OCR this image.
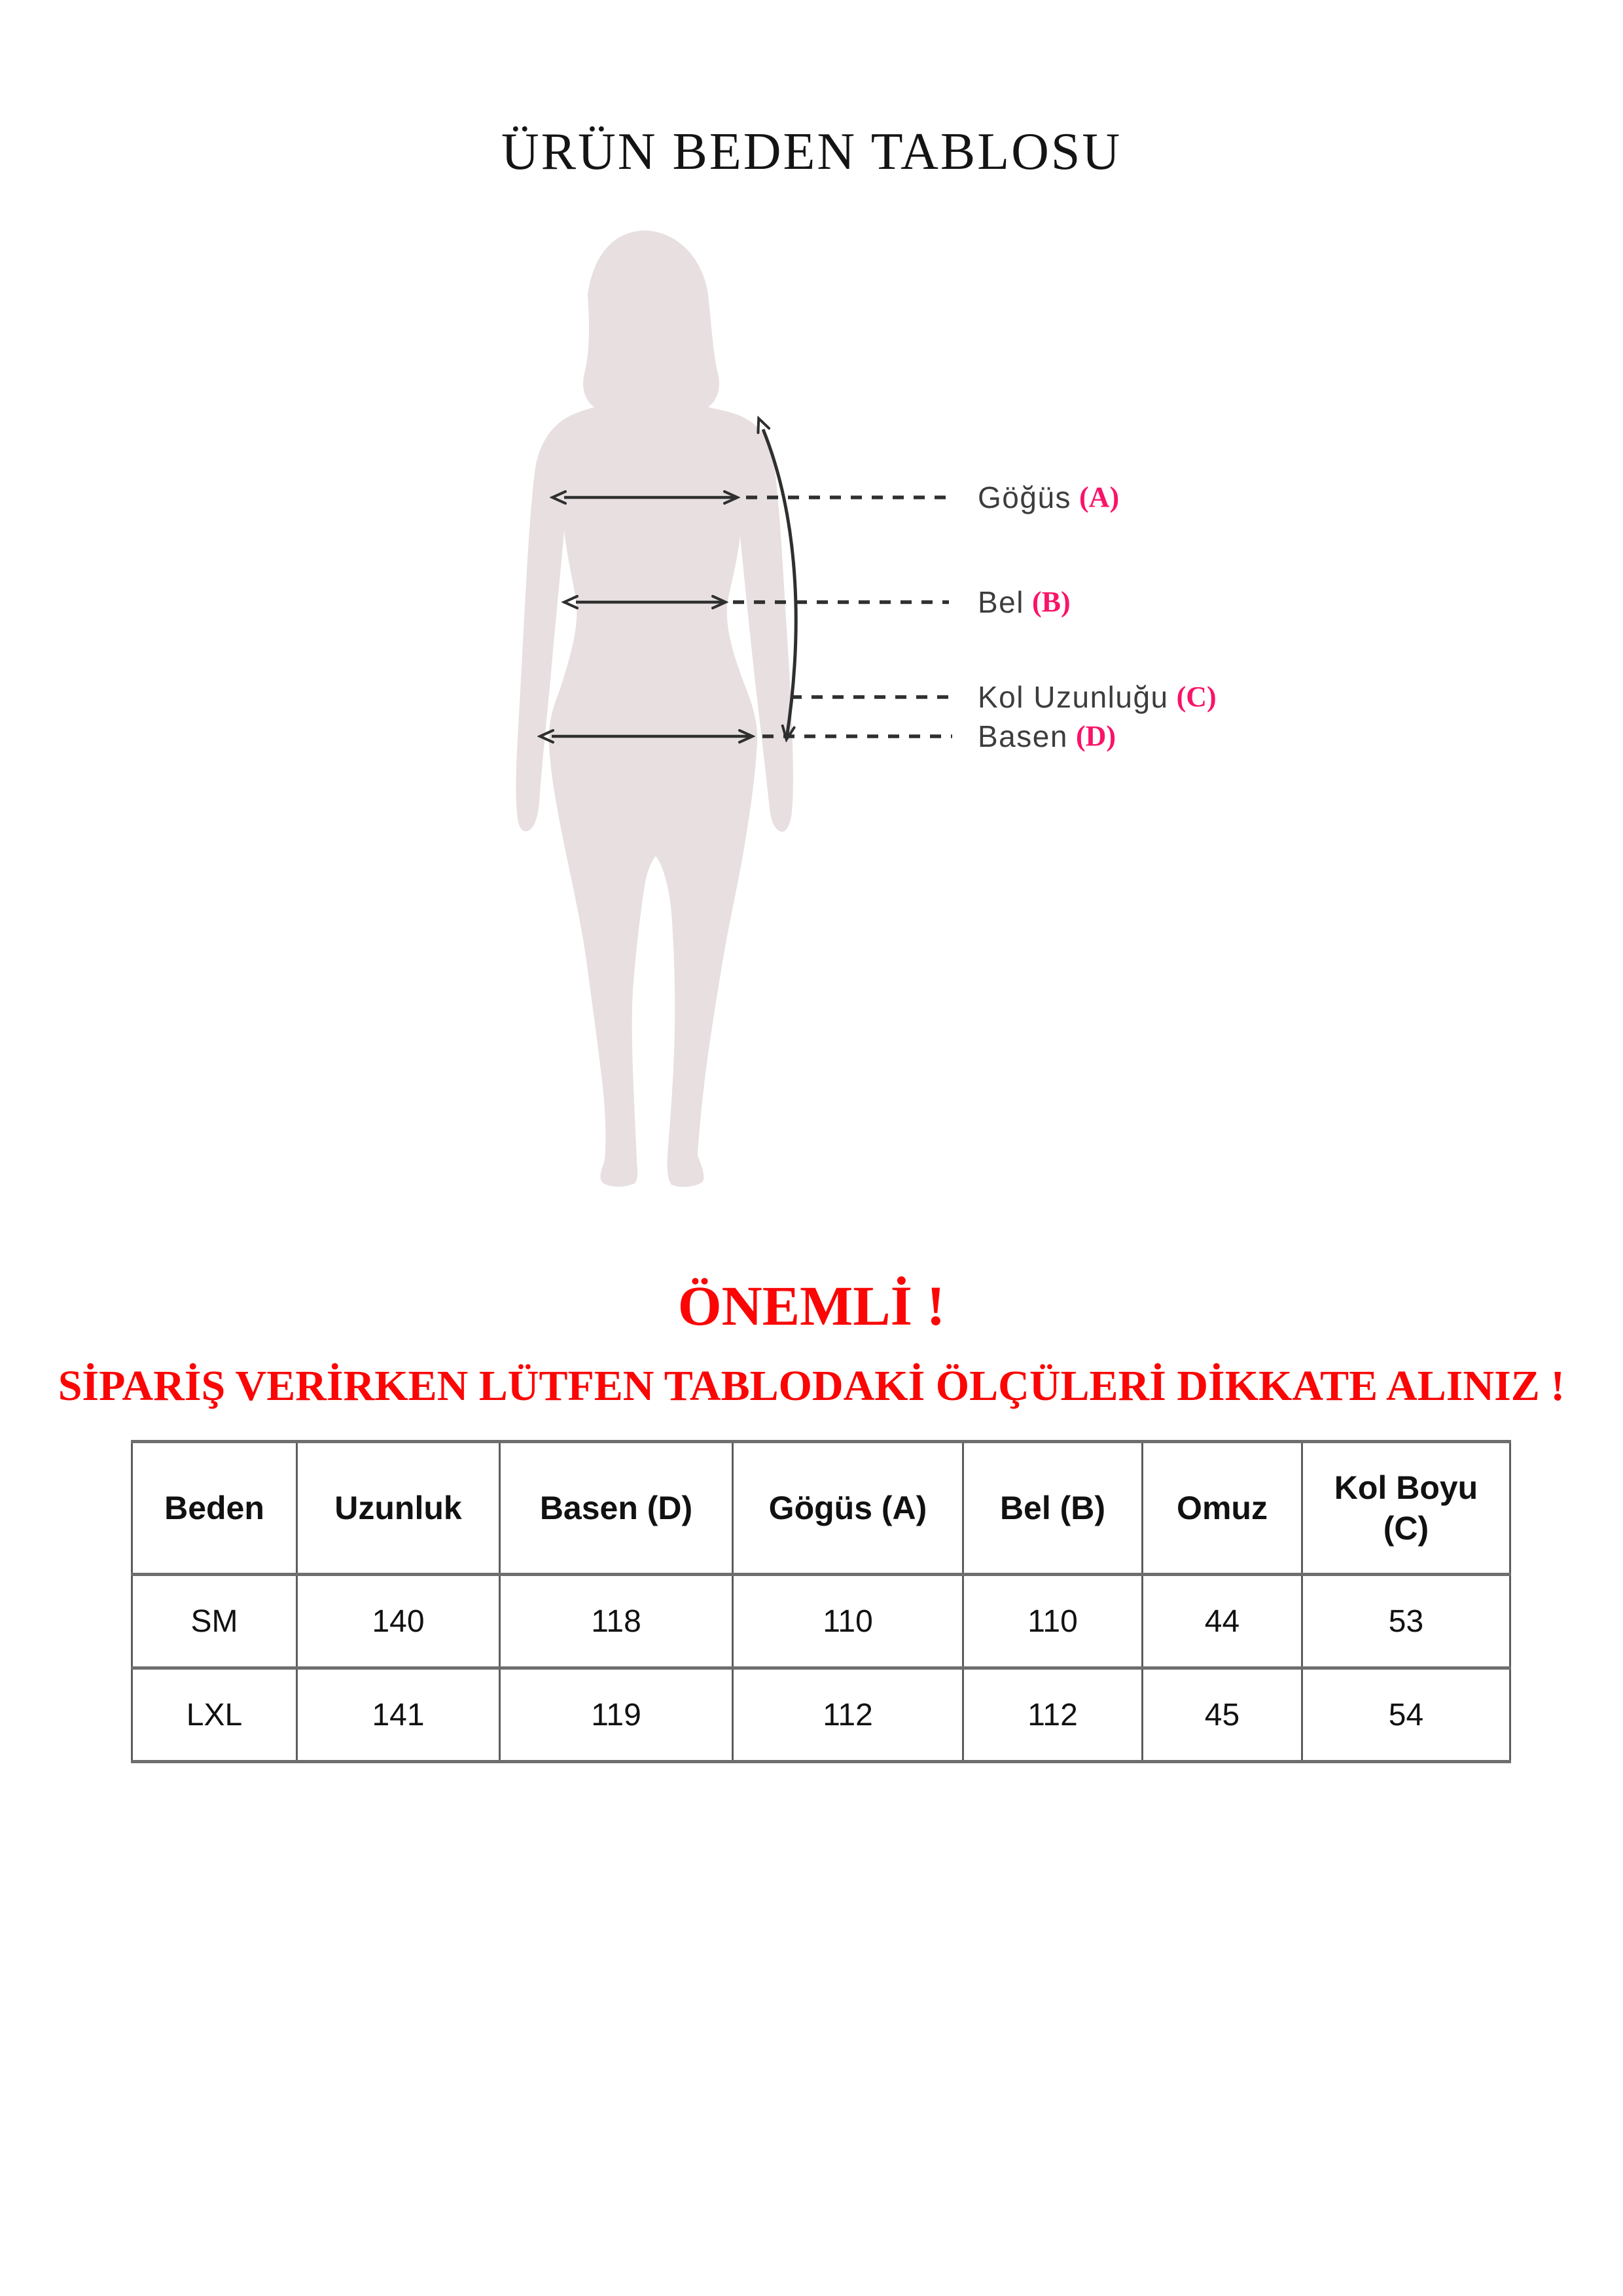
ÜRÜN BEDEN TABLOSU
Göğüs (A)
Bel (B)
Kol Uzunluğu (C)
Basen (D)
ÖNEMLİ !
SİPARİŞ VERİRKEN LÜTFEN TABLODAKİ ÖLÇÜLERİ DİKKATE ALINIZ !
Beden	Uzunluk	Basen (D)	Gögüs (A)	Bel (B)	Omuz	Kol Boyu (C)
SM	140	118	110	110	44	53
LXL	141	119	112	112	45	54
